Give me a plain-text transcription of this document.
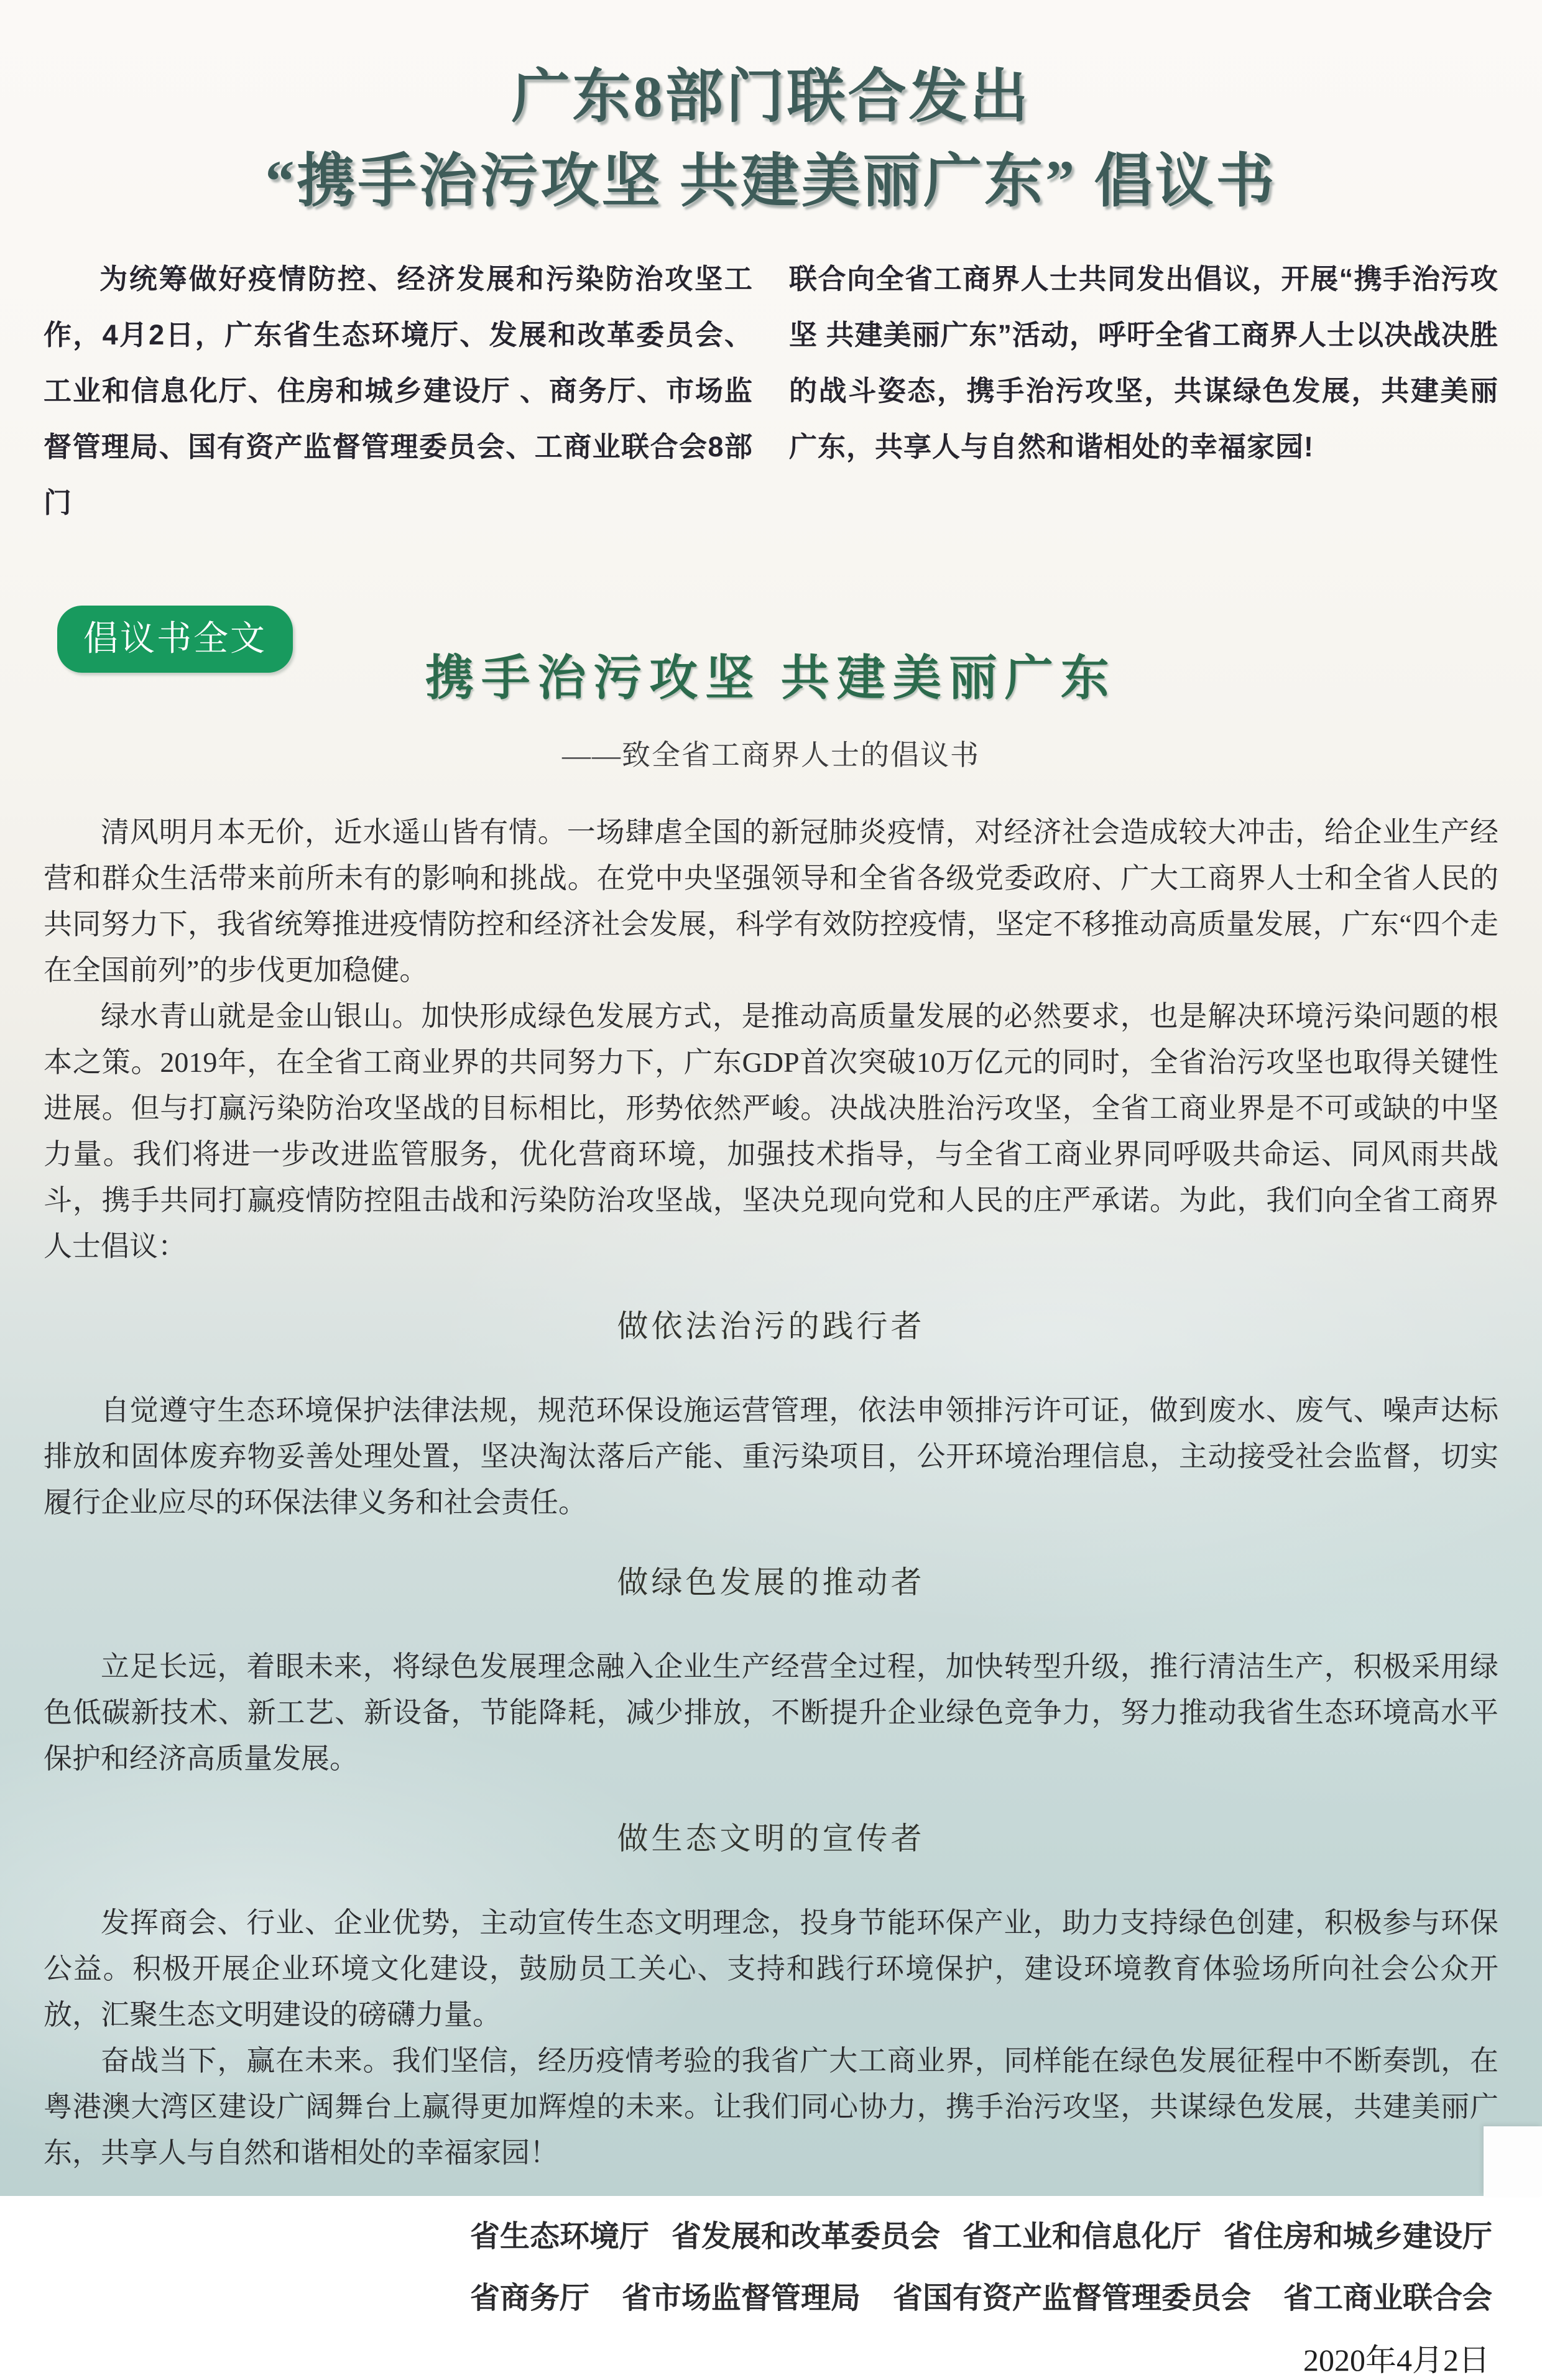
广东8部门联合发出
“携手治污攻坚 共建美丽广东” 倡议书

为统筹做好疫情防控、经济发展和污染防治攻坚工作，4月2日，广东省生态环境厅、发展和改革委员会、工业和信息化厅、住房和城乡建设厅 、商务厅、市场监督管理局、国有资产监督管理委员会、工商业联合会8部门

联合向全省工商界人士共同发出倡议，开展“携手治污攻坚 共建美丽广东”活动，呼吁全省工商界人士以决战决胜的战斗姿态，携手治污攻坚，共谋绿色发展，共建美丽广东，共享人与自然和谐相处的幸福家园!

倡议书全文
携手治污攻坚 共建美丽广东
——致全省工商界人士的倡议书

清风明月本无价，近水遥山皆有情。一场肆虐全国的新冠肺炎疫情，对经济社会造成较大冲击，给企业生产经营和群众生活带来前所未有的影响和挑战。在党中央坚强领导和全省各级党委政府、广大工商界人士和全省人民的共同努力下，我省统筹推进疫情防控和经济社会发展，科学有效防控疫情，坚定不移推动高质量发展，广东“四个走在全国前列”的步伐更加稳健。

绿水青山就是金山银山。加快形成绿色发展方式，是推动高质量发展的必然要求，也是解决环境污染问题的根本之策。2019年，在全省工商业界的共同努力下，广东GDP首次突破10万亿元的同时，全省治污攻坚也取得关键性进展。但与打赢污染防治攻坚战的目标相比，形势依然严峻。决战决胜治污攻坚，全省工商业界是不可或缺的中坚力量。我们将进一步改进监管服务，优化营商环境，加强技术指导，与全省工商业界同呼吸共命运、同风雨共战斗，携手共同打赢疫情防控阻击战和污染防治攻坚战，坚决兑现向党和人民的庄严承诺。为此，我们向全省工商界人士倡议：

做依法治污的践行者

自觉遵守生态环境保护法律法规，规范环保设施运营管理，依法申领排污许可证，做到废水、废气、噪声达标排放和固体废弃物妥善处理处置，坚决淘汰落后产能、重污染项目，公开环境治理信息，主动接受社会监督，切实履行企业应尽的环保法律义务和社会责任。

做绿色发展的推动者

立足长远，着眼未来，将绿色发展理念融入企业生产经营全过程，加快转型升级，推行清洁生产，积极采用绿色低碳新技术、新工艺、新设备，节能降耗，减少排放，不断提升企业绿色竞争力，努力推动我省生态环境高水平保护和经济高质量发展。

做生态文明的宣传者

发挥商会、行业、企业优势，主动宣传生态文明理念，投身节能环保产业，助力支持绿色创建，积极参与环保公益。积极开展企业环境文化建设，鼓励员工关心、支持和践行环境保护，建设环境教育体验场所向社会公众开放，汇聚生态文明建设的磅礴力量。

奋战当下，赢在未来。我们坚信，经历疫情考验的我省广大工商业界，同样能在绿色发展征程中不断奏凯，在粤港澳大湾区建设广阔舞台上赢得更加辉煌的未来。让我们同心协力，携手治污攻坚，共谋绿色发展，共建美丽广东，共享人与自然和谐相处的幸福家园！

省生态环境厅 省发展和改革委员会 省工业和信息化厅 省住房和城乡建设厅
省商务厅 省市场监督管理局 省国有资产监督管理委员会 省工商业联合会
2020年4月2日
